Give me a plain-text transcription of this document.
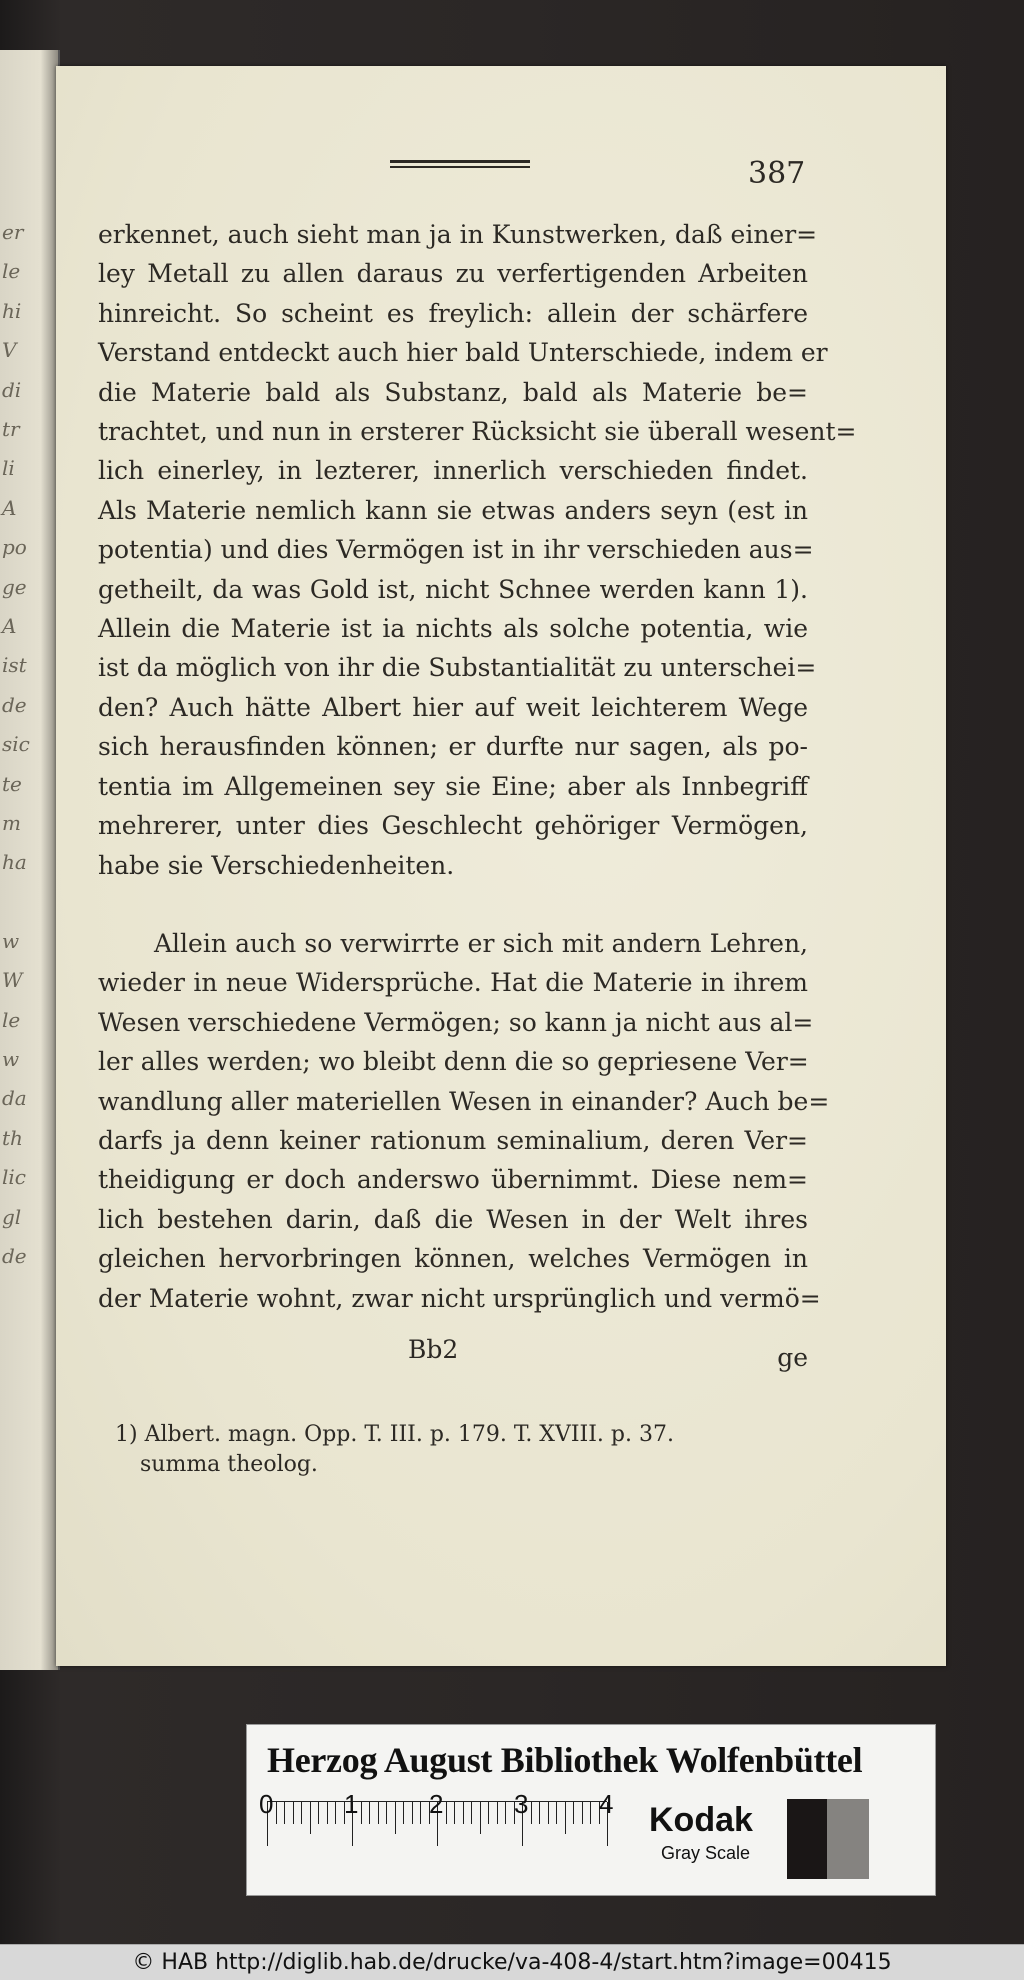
er
le
hi
V
di
tr
li
A
po
ge
A
ist
de
sic
te
m
ha
w
W
le
w
da
th
lic
gl
de
387
erkennet, auch sieht man ja in Kunstwerken, daß einer=
ley Metall zu allen daraus zu verfertigenden Arbeiten
hinreicht. So scheint es freylich: allein der schärfere
Verstand entdeckt auch hier bald Unterschiede, indem er
die Materie bald als Substanz, bald als Materie be=
trachtet, und nun in ersterer Rücksicht sie überall wesent=
lich einerley, in lezterer, innerlich verschieden findet.
Als Materie nemlich kann sie etwas anders seyn (est in
potentia) und dies Vermögen ist in ihr verschieden aus=
getheilt, da was Gold ist, nicht Schnee werden kann 1).
Allein die Materie ist ia nichts als solche potentia, wie
ist da möglich von ihr die Substantialität zu unterschei=
den? Auch hätte Albert hier auf weit leichterem Wege
sich herausfinden können; er durfte nur sagen, als po-
tentia im Allgemeinen sey sie Eine; aber als Innbegriff
mehrerer, unter dies Geschlecht gehöriger Vermögen,
habe sie Verschiedenheiten.
Allein auch so verwirrte er sich mit andern Lehren,
wieder in neue Widersprüche. Hat die Materie in ihrem
Wesen verschiedene Vermögen; so kann ja nicht aus al=
ler alles werden; wo bleibt denn die so gepriesene Ver=
wandlung aller materiellen Wesen in einander? Auch be=
darfs ja denn keiner rationum seminalium, deren Ver=
theidigung er doch anderswo übernimmt. Diese nem=
lich bestehen darin, daß die Wesen in der Welt ihres
gleichen hervorbringen können, welches Vermögen in
der Materie wohnt, zwar nicht ursprünglich und vermö=
Bb2	ge
1) Albert. magn. Opp. T. III. p. 179. T. XVIII. p. 37.
summa theolog.
Herzog August Bibliothek Wolfenbüttel
Kodak
Gray Scale
0	1	2	3	4
© HAB
http://diglib.hab.de/drucke/va-408-4/start.htm?image=00415
